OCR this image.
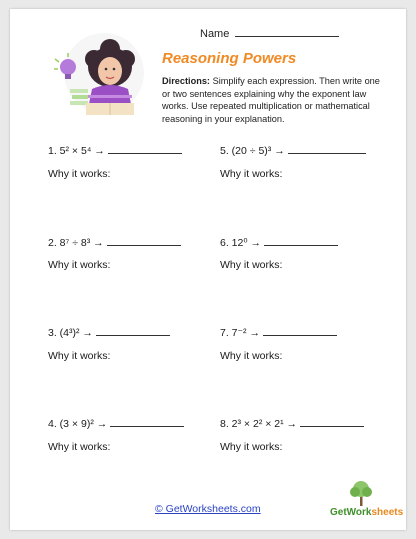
Name
Reasoning Powers
Directions: Simplify each expression. Then write one or two sentences explaining why the exponent law works. Use repeated multiplication or mathematical reasoning in your explanation.
1. 5² × 5⁴ →	5. (20 ÷ 5)³ →
Why it works:	Why it works:
2. 8⁷ ÷ 8³ →	6. 12⁰ →
Why it works:	Why it works:
3. (4³)² →	7. 7⁻² →
Why it works:	Why it works:
4. (3 × 9)² →	8. 2³ × 2² × 2¹ →
Why it works:	Why it works:
© GetWorksheets.com	GetWorksheets
